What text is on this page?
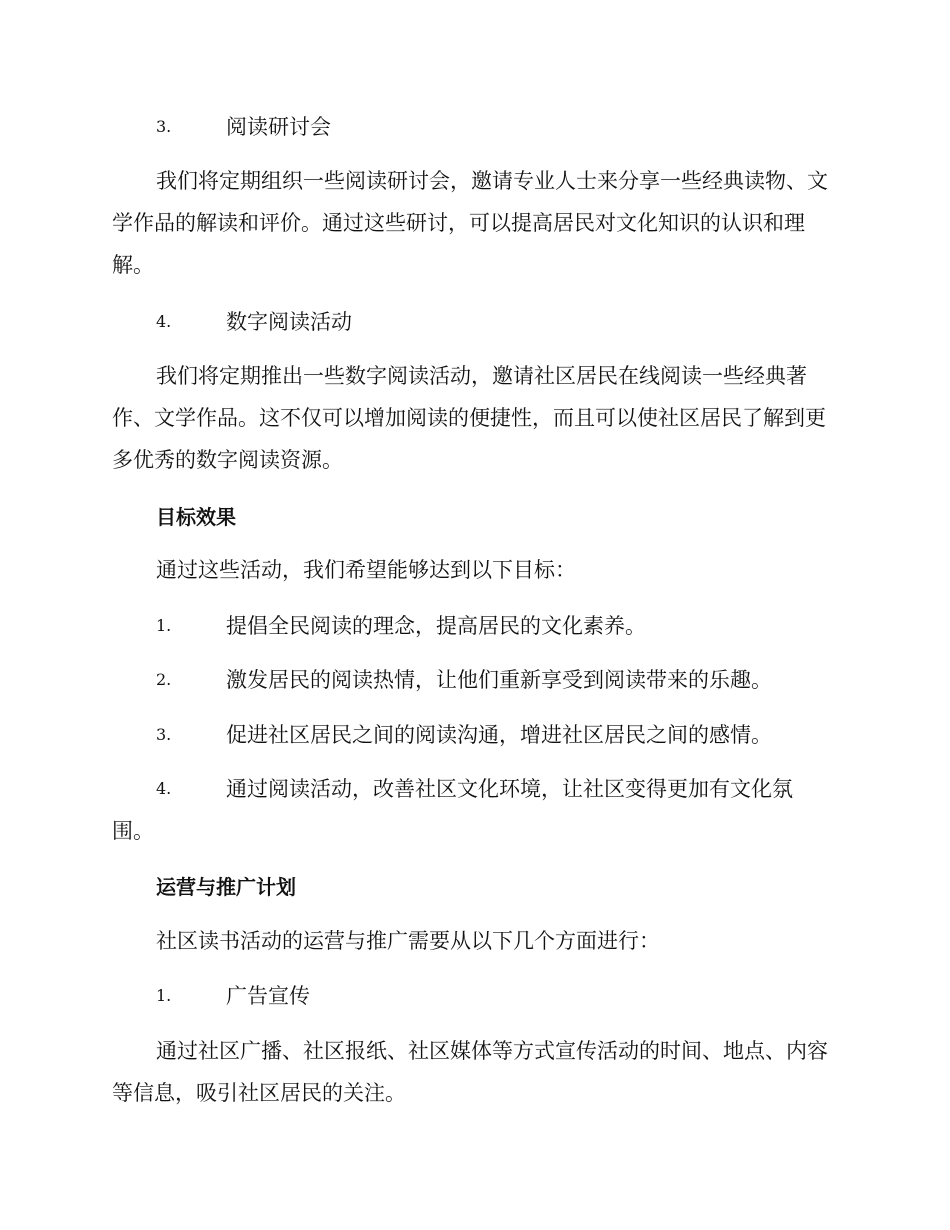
3.	阅读研讨会

我们将定期组织一些阅读研讨会，邀请专业人士来分享一些经典读物、文学作品的解读和评价。通过这些研讨，可以提高居民对文化知识的认识和理解。

4.	数字阅读活动

我们将定期推出一些数字阅读活动，邀请社区居民在线阅读一些经典著作、文学作品。这不仅可以增加阅读的便捷性，而且可以使社区居民了解到更多优秀的数字阅读资源。

目标效果

通过这些活动，我们希望能够达到以下目标：

1.	提倡全民阅读的理念，提高居民的文化素养。
2.	激发居民的阅读热情，让他们重新享受到阅读带来的乐趣。
3.	促进社区居民之间的阅读沟通，增进社区居民之间的感情。
4.	通过阅读活动，改善社区文化环境，让社区变得更加有文化氛
围。

运营与推广计划

社区读书活动的运营与推广需要从以下几个方面进行：

1.	广告宣传

通过社区广播、社区报纸、社区媒体等方式宣传活动的时间、地点、内容等信息，吸引社区居民的关注。
